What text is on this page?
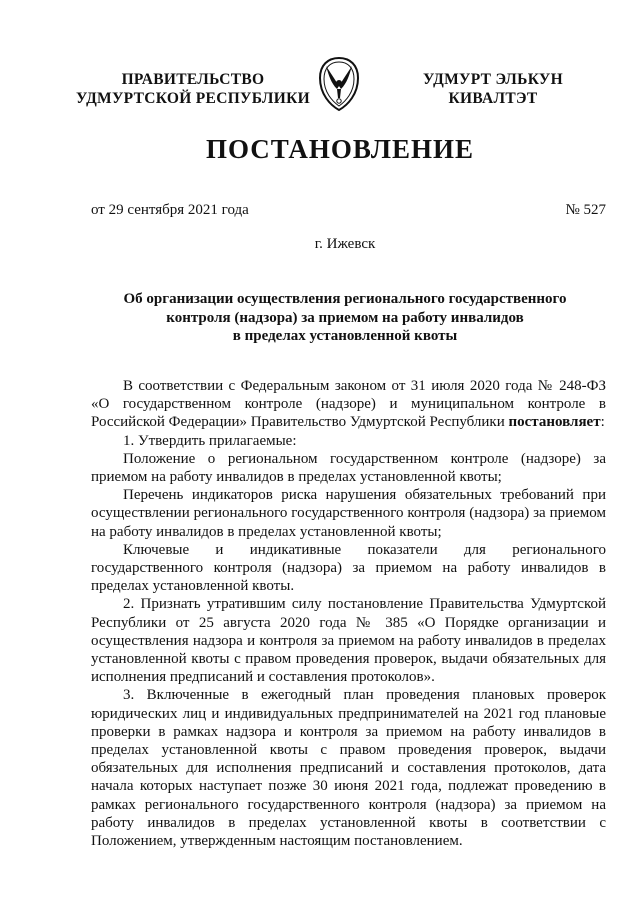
ПРАВИТЕЛЬСТВО
УДМУРТСКОЙ РЕСПУБЛИКИ
УДМУРТ ЭЛЬКУН
КИВАЛТЭТ
ПОСТАНОВЛЕНИЕ
от 29 сентября 2021 года	№ 527
г. Ижевск
Об организации осуществления регионального государственного
контроля (надзора) за приемом на работу инвалидов
в пределах установленной квоты

В соответствии с Федеральным законом от 31 июля 2020 года № 248-ФЗ «О государственном контроле (надзоре) и муниципальном контроле в Российской Федерации» Правительство Удмуртской Республики постановляет:

1. Утвердить прилагаемые:

Положение о региональном государственном контроле (надзоре) за приемом на работу инвалидов в пределах установленной квоты;

Перечень индикаторов риска нарушения обязательных требований при осуществлении регионального государственного контроля (надзора) за приемом на работу инвалидов в пределах установленной квоты;

Ключевые и индикативные показатели для регионального государственного контроля (надзора) за приемом на работу инвалидов в пределах установленной квоты.

2. Признать утратившим силу постановление Правительства Удмуртской Республики от 25 августа 2020 года № 385 «О Порядке организации и осуществления надзора и контроля за приемом на работу инвалидов в пределах установленной квоты с правом проведения проверок, выдачи обязательных для исполнения предписаний и составления протоколов».

3. Включенные в ежегодный план проведения плановых проверок юридических лиц и индивидуальных предпринимателей на 2021 год плановые проверки в рамках надзора и контроля за приемом на работу инвалидов в пределах установленной квоты с правом проведения проверок, выдачи обязательных для исполнения предписаний и составления протоколов, дата начала которых наступает позже 30 июня 2021 года, подлежат проведению в рамках регионального государственного контроля (надзора) за приемом на работу инвалидов в пределах установленной квоты в соответствии с Положением, утвержденным настоящим постановлением.
